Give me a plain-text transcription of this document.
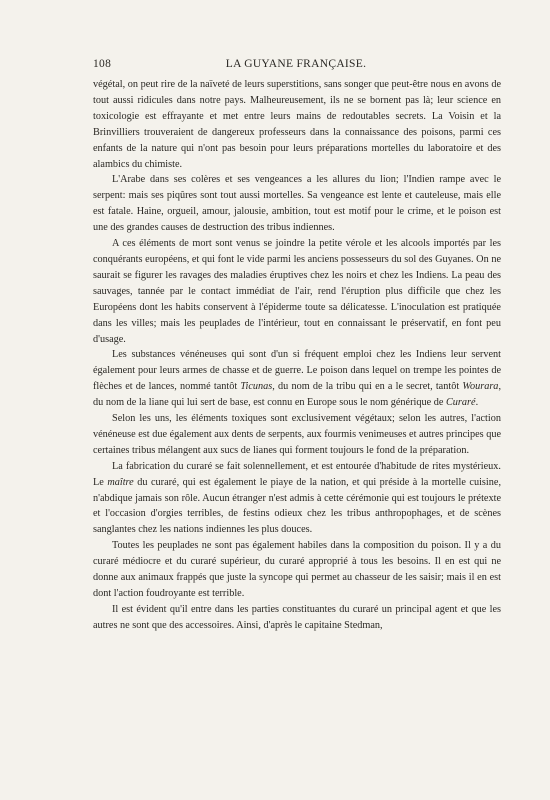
108	LA GUYANE FRANÇAISE.

végétal, on peut rire de la naïveté de leurs superstitions, sans songer que peut-être nous en avons de tout aussi ridicules dans notre pays. Malheureusement, ils ne se bornent pas là; leur science en toxicologie est effrayante et met entre leurs mains de redoutables secrets. La Voisin et la Brinvilliers trouveraient de dangereux professeurs dans la connaissance des poisons, parmi ces enfants de la nature qui n'ont pas besoin pour leurs préparations mortelles du laboratoire et des alambics du chimiste.

L'Arabe dans ses colères et ses vengeances a les allures du lion; l'Indien rampe avec le serpent: mais ses piqûres sont tout aussi mortelles. Sa vengeance est lente et cauteleuse, mais elle est fatale. Haine, orgueil, amour, jalousie, ambition, tout est motif pour le crime, et le poison est une des grandes causes de destruction des tribus indiennes.

A ces éléments de mort sont venus se joindre la petite vérole et les alcools importés par les conquérants européens, et qui font le vide parmi les anciens possesseurs du sol des Guyanes. On ne saurait se figurer les ravages des maladies éruptives chez les noirs et chez les Indiens. La peau des sauvages, tannée par le contact immédiat de l'air, rend l'éruption plus difficile que chez les Européens dont les habits conservent à l'épiderme toute sa délicatesse. L'inoculation est pratiquée dans les villes; mais les peuplades de l'intérieur, tout en connaissant le préservatif, en font peu d'usage.

Les substances vénéneuses qui sont d'un si fréquent emploi chez les Indiens leur servent également pour leurs armes de chasse et de guerre. Le poison dans lequel on trempe les pointes de flèches et de lances, nommé tantôt Ticunas, du nom de la tribu qui en a le secret, tantôt Wourara, du nom de la liane qui lui sert de base, est connu en Europe sous le nom générique de Curaré.

Selon les uns, les éléments toxiques sont exclusivement végétaux; selon les autres, l'action vénéneuse est due également aux dents de serpents, aux fourmis venimeuses et autres principes que certaines tribus mélangent aux sucs de lianes qui forment toujours le fond de la préparation.

La fabrication du curaré se fait solennellement, et est entourée d'habitude de rites mystérieux. Le maître du curaré, qui est également le piaye de la nation, et qui préside à la mortelle cuisine, n'abdique jamais son rôle. Aucun étranger n'est admis à cette cérémonie qui est toujours le prétexte et l'occasion d'orgies terribles, de festins odieux chez les tribus anthropophages, et de scènes sanglantes chez les nations indiennes les plus douces.

Toutes les peuplades ne sont pas également habiles dans la composition du poison. Il y a du curaré médiocre et du curaré supérieur, du curaré approprié à tous les besoins. Il en est qui ne donne aux animaux frappés que juste la syncope qui permet au chasseur de les saisir; mais il en est dont l'action foudroyante est terrible.

Il est évident qu'il entre dans les parties constituantes du curaré un principal agent et que les autres ne sont que des accessoires. Ainsi, d'après le capitaine Stedman,
